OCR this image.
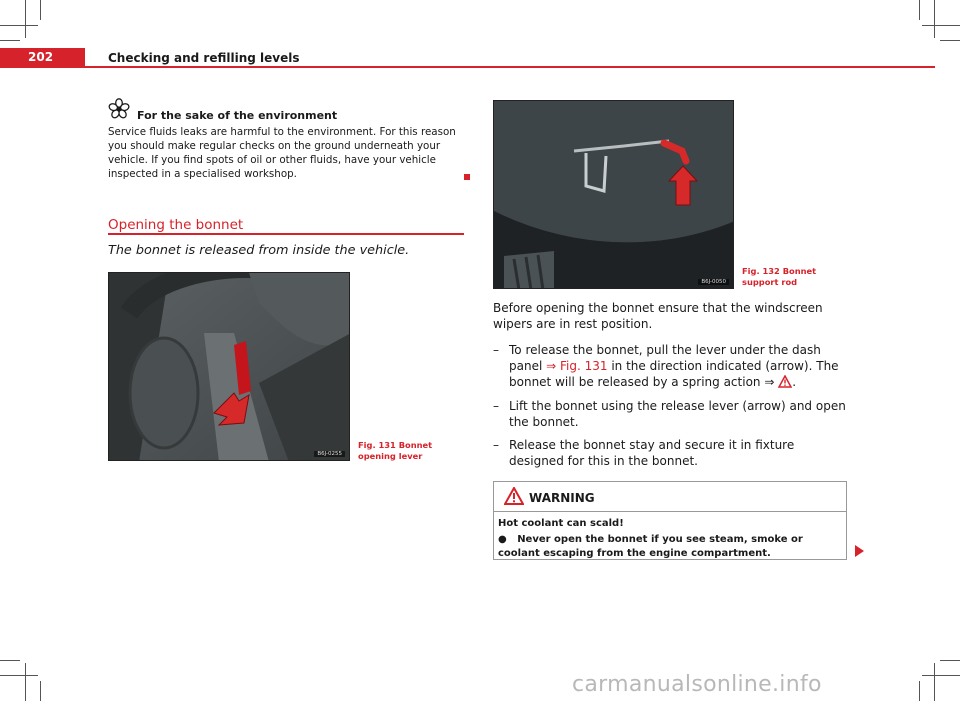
202	Checking and refilling levels
For the sake of the environment
Service fluids leaks are harmful to the environment. For this reason you should make regular checks on the ground underneath your vehicle. If you find spots of oil or other fluids, have your vehicle inspected in a specialised workshop.
Opening the bonnet
The bonnet is released from inside the vehicle.
B6J-0255
Fig. 131 Bonnet opening lever
B6J-0050
Fig. 132 Bonnet support rod
Before opening the bonnet ensure that the windscreen wipers are in rest position.
– To release the bonnet, pull the lever under the dash panel ⇒ Fig. 131 in the direction indicated (arrow). The bonnet will be released by a spring action ⇒ .
– Lift the bonnet using the release lever (arrow) and open the bonnet.
– Release the bonnet stay and secure it in fixture designed for this in the bonnet.
WARNING
Hot coolant can scald!
● Never open the bonnet if you see steam, smoke or coolant escaping from the engine compartment.
carmanualsonline.info
